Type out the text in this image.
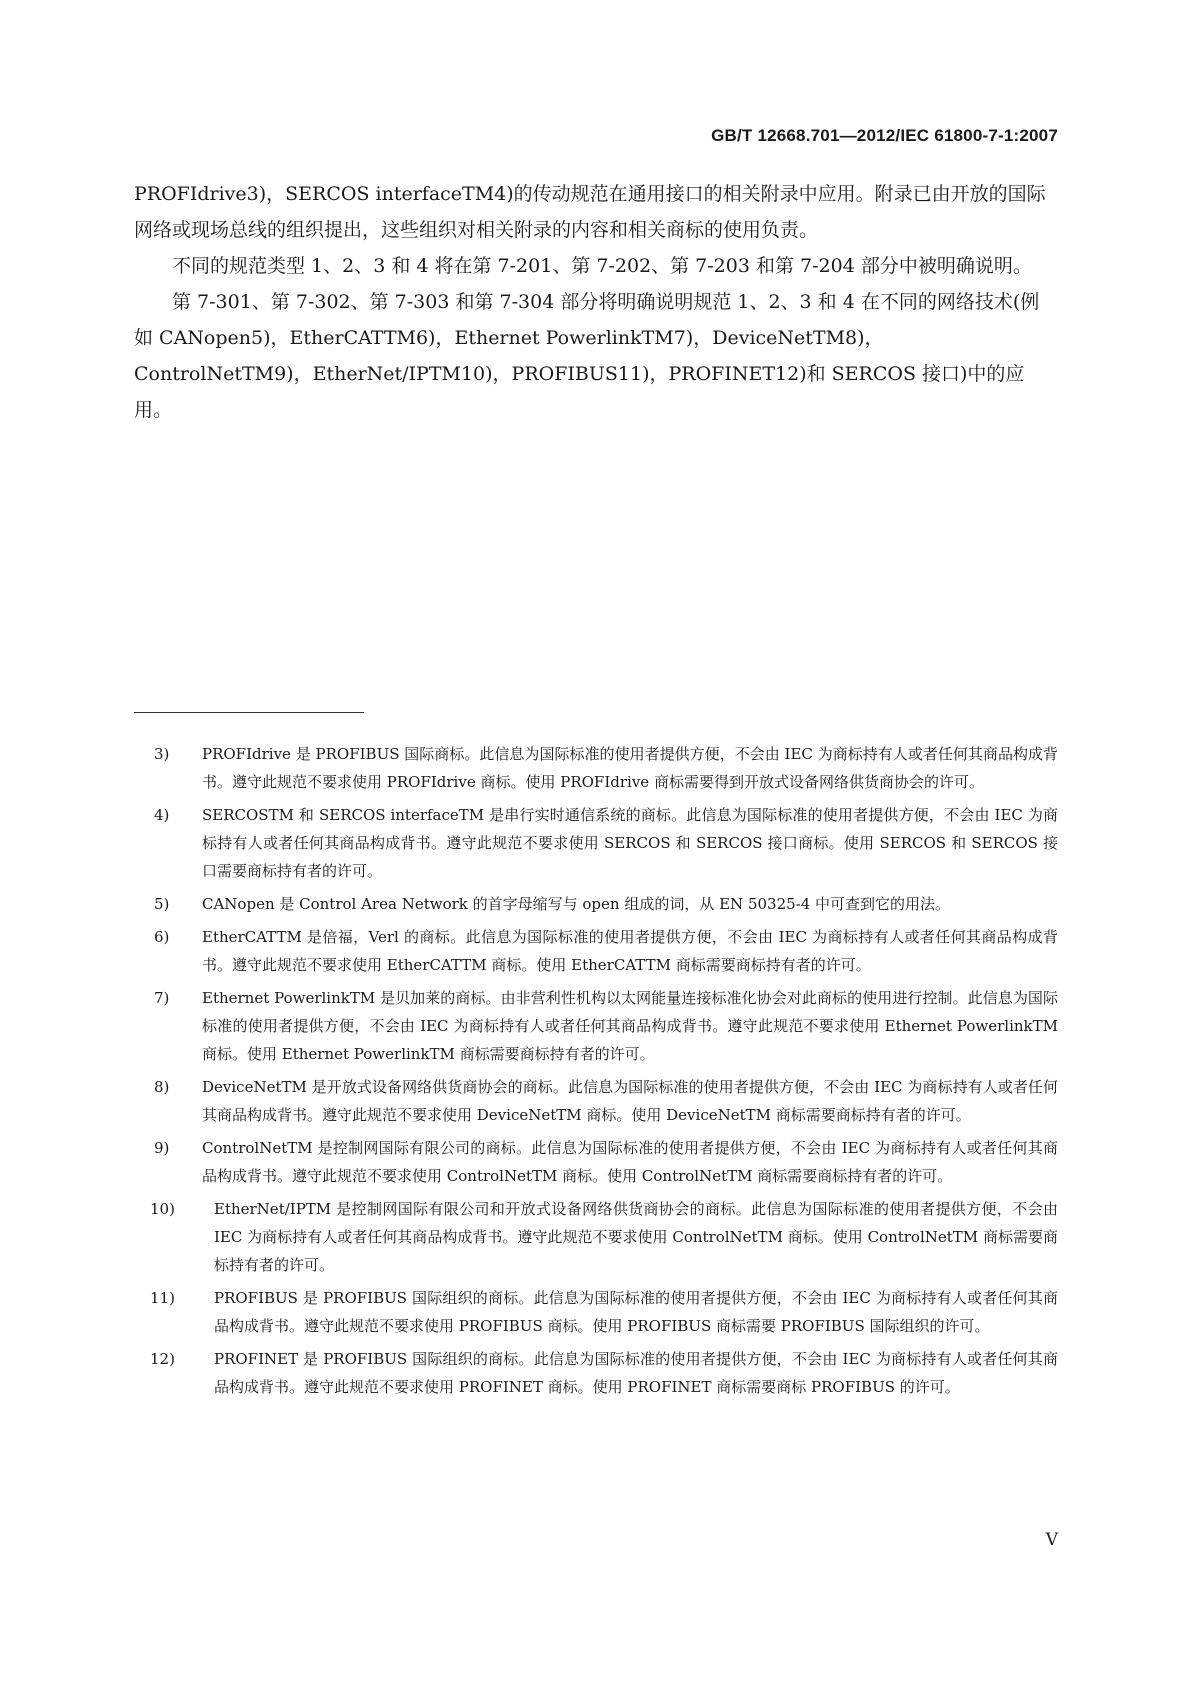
GB/T 12668.701—2012/IEC 61800-7-1:2007

PROFIdrive3)，SERCOS interfaceTM4)的传动规范在通用接口的相关附录中应用。附录已由开放的国际网络或现场总线的组织提出，这些组织对相关附录的内容和相关商标的使用负责。

不同的规范类型 1、2、3 和 4 将在第 7-201、第 7-202、第 7-203 和第 7-204 部分中被明确说明。

第 7-301、第 7-302、第 7-303 和第 7-304 部分将明确说明规范 1、2、3 和 4 在不同的网络技术(例如 CANopen5)，EtherCATTM6)，Ethernet PowerlinkTM7)，DeviceNetTM8)，ControlNetTM9)，EtherNet/IPTM10)，PROFIBUS11)，PROFINET12)和 SERCOS 接口)中的应用。

3)	PROFIdrive 是 PROFIBUS 国际商标。此信息为国际标准的使用者提供方便，不会由 IEC 为商标持有人或者任何其商品构成背书。遵守此规范不要求使用 PROFIdrive 商标。使用 PROFIdrive 商标需要得到开放式设备网络供货商协会的许可。
4)	SERCOSTM 和 SERCOS interfaceTM 是串行实时通信系统的商标。此信息为国际标准的使用者提供方便，不会由 IEC 为商标持有人或者任何其商品构成背书。遵守此规范不要求使用 SERCOS 和 SERCOS 接口商标。使用 SERCOS 和 SERCOS 接口需要商标持有者的许可。
5)	CANopen 是 Control Area Network 的首字母缩写与 open 组成的词，从 EN 50325-4 中可查到它的用法。
6)	EtherCATTM 是倍福，Verl 的商标。此信息为国际标准的使用者提供方便，不会由 IEC 为商标持有人或者任何其商品构成背书。遵守此规范不要求使用 EtherCATTM 商标。使用 EtherCATTM 商标需要商标持有者的许可。
7)	Ethernet PowerlinkTM 是贝加莱的商标。由非营利性机构以太网能量连接标准化协会对此商标的使用进行控制。此信息为国际标准的使用者提供方便，不会由 IEC 为商标持有人或者任何其商品构成背书。遵守此规范不要求使用 Ethernet PowerlinkTM 商标。使用 Ethernet PowerlinkTM 商标需要商标持有者的许可。
8)	DeviceNetTM 是开放式设备网络供货商协会的商标。此信息为国际标准的使用者提供方便，不会由 IEC 为商标持有人或者任何其商品构成背书。遵守此规范不要求使用 DeviceNetTM 商标。使用 DeviceNetTM 商标需要商标持有者的许可。
9)	ControlNetTM 是控制网国际有限公司的商标。此信息为国际标准的使用者提供方便，不会由 IEC 为商标持有人或者任何其商品构成背书。遵守此规范不要求使用 ControlNetTM 商标。使用 ControlNetTM 商标需要商标持有者的许可。
10)	EtherNet/IPTM 是控制网国际有限公司和开放式设备网络供货商协会的商标。此信息为国际标准的使用者提供方便，不会由 IEC 为商标持有人或者任何其商品构成背书。遵守此规范不要求使用 ControlNetTM 商标。使用 ControlNetTM 商标需要商标持有者的许可。
11)	PROFIBUS 是 PROFIBUS 国际组织的商标。此信息为国际标准的使用者提供方便，不会由 IEC 为商标持有人或者任何其商品构成背书。遵守此规范不要求使用 PROFIBUS 商标。使用 PROFIBUS 商标需要 PROFIBUS 国际组织的许可。
12)	PROFINET 是 PROFIBUS 国际组织的商标。此信息为国际标准的使用者提供方便，不会由 IEC 为商标持有人或者任何其商品构成背书。遵守此规范不要求使用 PROFINET 商标。使用 PROFINET 商标需要商标 PROFIBUS 的许可。
V
